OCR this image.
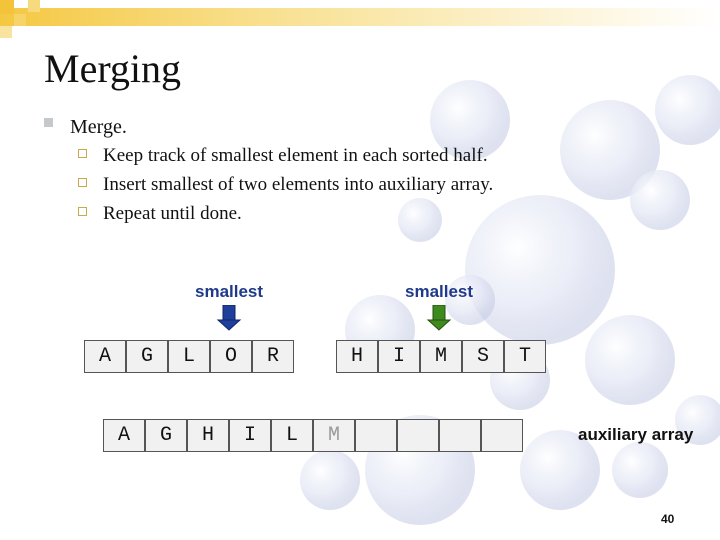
Merging
Merge.
Keep track of smallest element in each sorted half.
Insert smallest of two elements into auxiliary array.
Repeat until done.
smallest	smallest
A	G	L	O	R	H	I	M	S	T
A	G	H	I	L	M	auxiliary array
40
